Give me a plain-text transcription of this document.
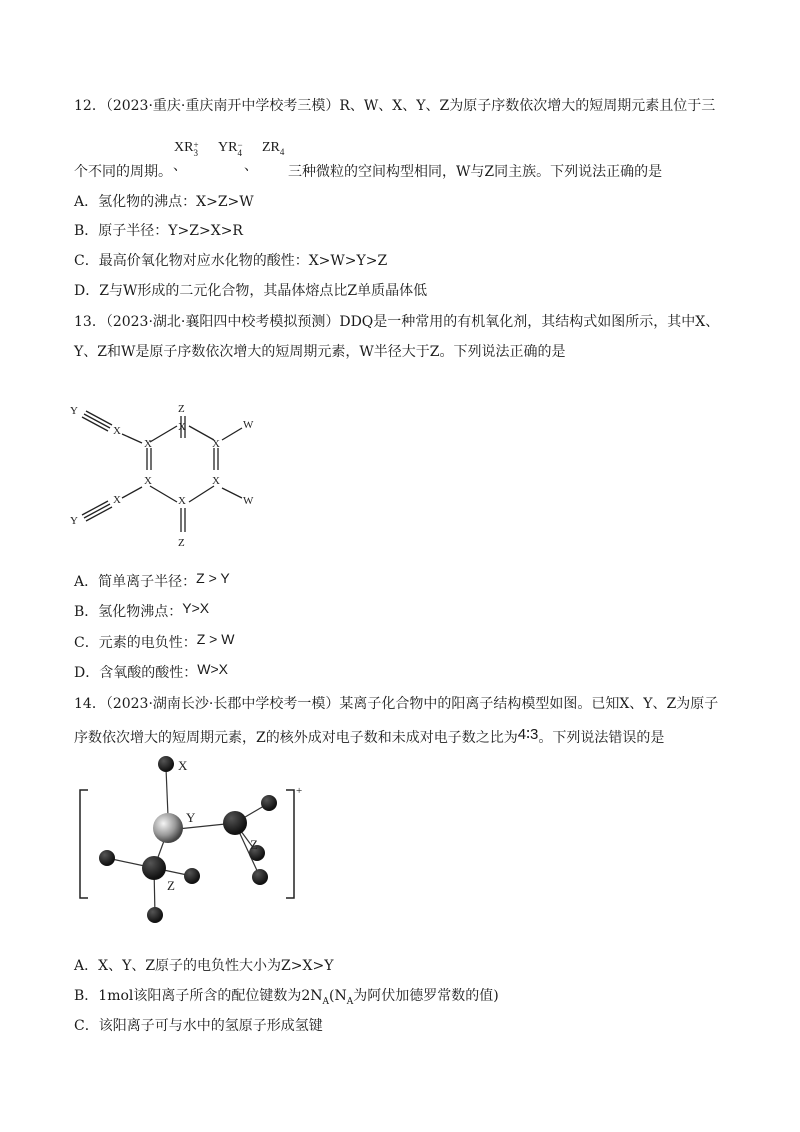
12．（2023·重庆·重庆南开中学校考三模）R、W、X、Y、Z为原子序数依次增大的短周期元素且位于三
个不同的周期。
XR +
3
、
YR −
4
、
$ZR_4$
三种微粒的空间构型相同，W与Z同主族。下列说法正确的是
A．氢化物的沸点：X>Z>W
B．原子半径：Y>Z>X>R
C．最高价氧化物对应水化物的酸性：X>W>Y>Z
D．Z与W形成的二元化合物，其晶体熔点比Z单质晶体低
13．（2023·湖北·襄阳四中校考模拟预测）DDQ是一种常用的有机氧化剂，其结构式如图所示，其中X、
Y、Z和W是原子序数依次增大的短周期元素，W半径大于Z。下列说法正确的是
Z
X
X	X
X	X
X
X
X
Y
Y
W
W
Z
A．简单离子半径：Z > Y
B．氢化物沸点：Y>X
C．元素的电负性：Z > W
D．含氧酸的酸性：W>X
14．（2023·湖南长沙·长郡中学校考一模）某离子化合物中的阳离子结构模型如图。已知X、Y、Z为原子
序数依次增大的短周期元素，Z的核外成对电子数和未成对电子数之比为4∶3。下列说法错误的是
X
Y
Z
Z
+
A．X、Y、Z原子的电负性大小为Z>X>Y
B．1mol该阳离子所含的配位键数为$2N_A(N_A$为阿伏加德罗常数的值)
C．该阳离子可与水中的氢原子形成氢键
